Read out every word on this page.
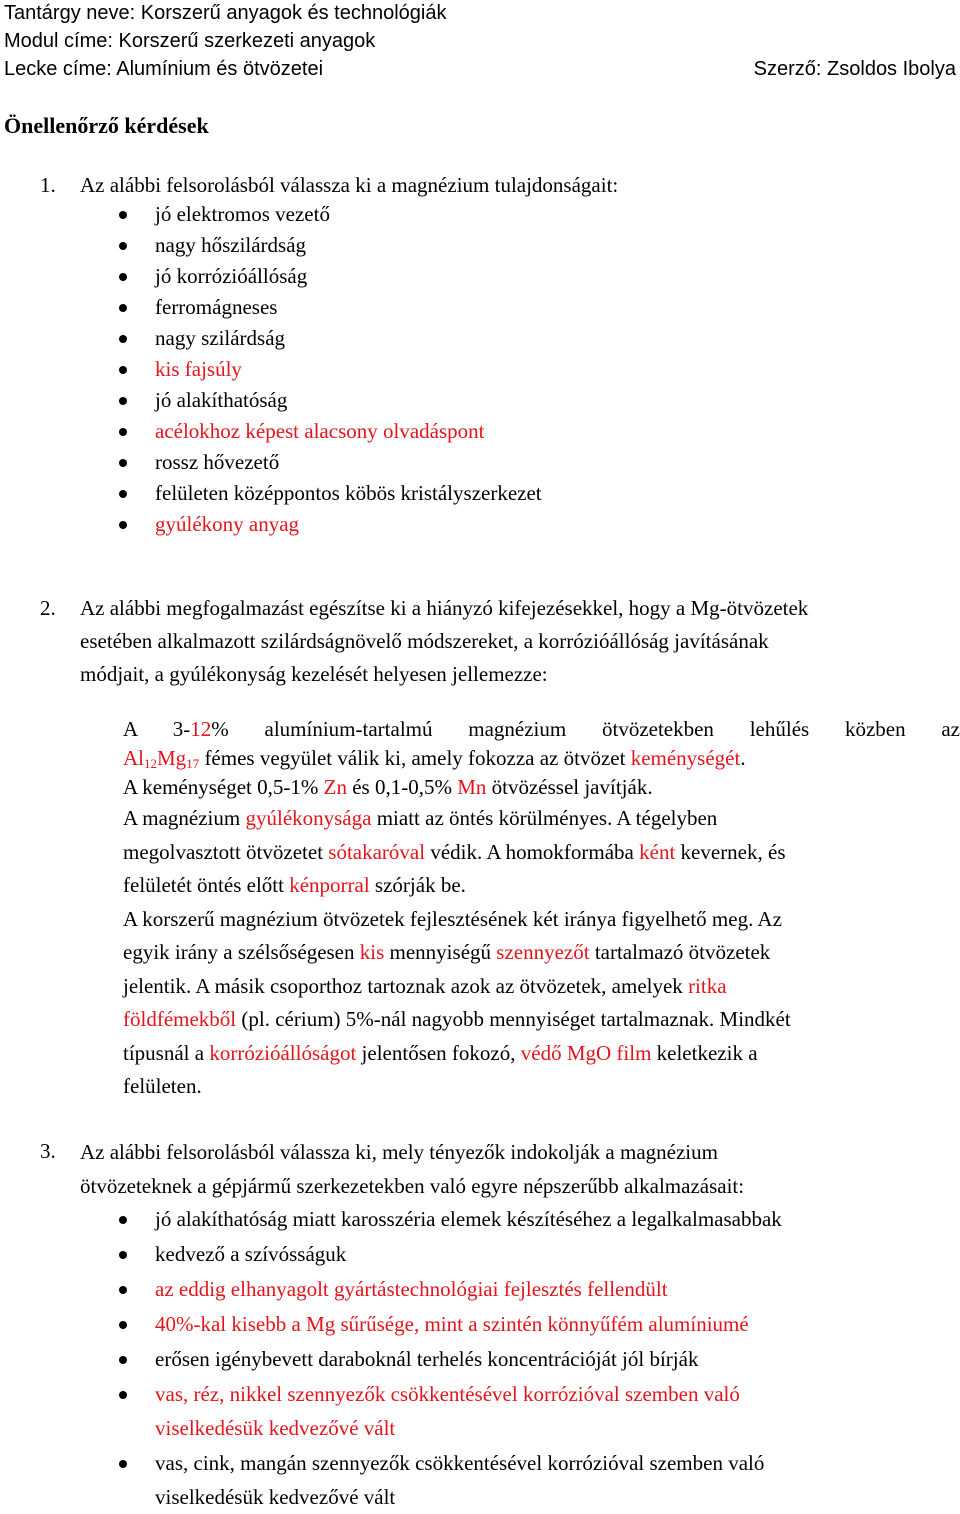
Tantárgy neve: Korszerű anyagok és technológiák
Modul címe: Korszerű szerkezeti anyagok
Lecke címe: Alumínium és ötvözetei	Szerző: Zsoldos Ibolya
Önellenőrző kérdések
1. Az alábbi felsorolásból válassza ki a magnézium tulajdonságait:
jó elektromos vezető
nagy hőszilárdság
jó korrózióállóság
ferromágneses
nagy szilárdság
kis fajsúly
jó alakíthatóság
acélokhoz képest alacsony olvadáspont
rossz hővezető
felületen középpontos köbös kristályszerkezet
gyúlékony anyag
2. Az alábbi megfogalmazást egészítse ki a hiányzó kifejezésekkel, hogy a Mg-ötvözetek
esetében alkalmazott szilárdságnövelő módszereket, a korrózióállóság javításának
módjait, a gyúlékonyság kezelését helyesen jellemezze:
A 3-12% alumínium-tartalmú magnézium ötvözetekben lehűlés közben az
$Al_{12}Mg_{17}$ fémes vegyület válik ki, amely fokozza az ötvözet keménységét.
A keménységet 0,5-1% Zn és 0,1-0,5% Mn ötvözéssel javítják.
A magnézium gyúlékonysága miatt az öntés körülményes. A tégelyben
megolvasztott ötvözetet sótakaróval védik. A homokformába ként kevernek, és
felületét öntés előtt kénporral szórják be.
A korszerű magnézium ötvözetek fejlesztésének két iránya figyelhető meg. Az
egyik irány a szélsőségesen kis mennyiségű szennyezőt tartalmazó ötvözetek
jelentik. A másik csoporthoz tartoznak azok az ötvözetek, amelyek ritka
földfémekből (pl. cérium) 5%-nál nagyobb mennyiséget tartalmaznak. Mindkét
típusnál a korrózióállóságot jelentősen fokozó, védő MgO film keletkezik a
felületen.
3. Az alábbi felsorolásból válassza ki, mely tényezők indokolják a magnézium
ötvözeteknek a gépjármű szerkezetekben való egyre népszerűbb alkalmazásait:
jó alakíthatóság miatt karosszéria elemek készítéséhez a legalkalmasabbak
kedvező a szívósságuk
az eddig elhanyagolt gyártástechnológiai fejlesztés fellendült
40%-kal kisebb a Mg sűrűsége, mint a szintén könnyűfém alumíniumé
erősen igénybevett daraboknál terhelés koncentrációját jól bírják
vas, réz, nikkel szennyezők csökkentésével korrózióval szemben való
viselkedésük kedvezővé vált
vas, cink, mangán szennyezők csökkentésével korrózióval szemben való
viselkedésük kedvezővé vált
